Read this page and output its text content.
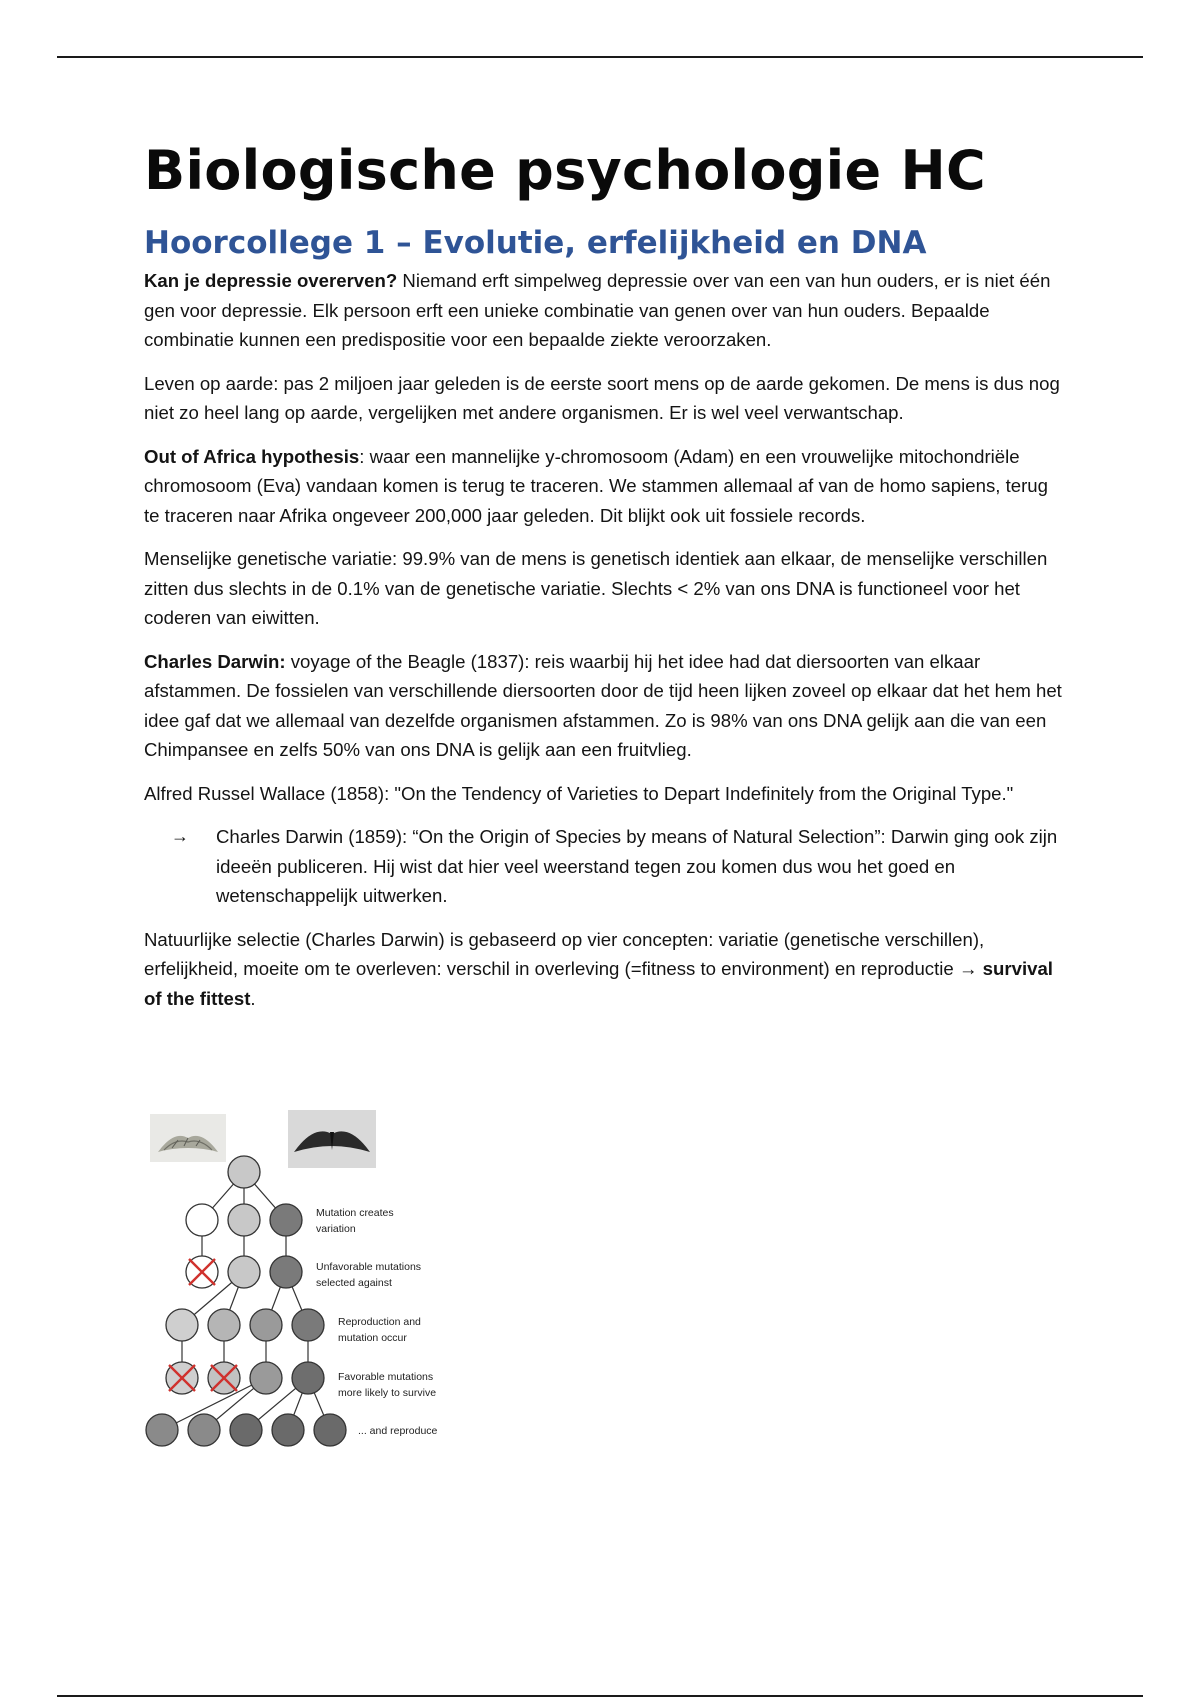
Biologische psychologie HC
Hoorcollege 1 – Evolutie, erfelijkheid en DNA

Kan je depressie overerven? Niemand erft simpelweg depressie over van een van hun ouders, er is niet één gen voor depressie. Elk persoon erft een unieke combinatie van genen over van hun ouders. Bepaalde combinatie kunnen een predispositie voor een bepaalde ziekte veroorzaken.

Leven op aarde: pas 2 miljoen jaar geleden is de eerste soort mens op de aarde gekomen. De mens is dus nog niet zo heel lang op aarde, vergelijken met andere organismen. Er is wel veel verwantschap.

Out of Africa hypothesis: waar een mannelijke y-chromosoom (Adam) en een vrouwelijke mitochondriële chromosoom (Eva) vandaan komen is terug te traceren. We stammen allemaal af van de homo sapiens, terug te traceren naar Afrika ongeveer 200,000 jaar geleden. Dit blijkt ook uit fossiele records.

Menselijke genetische variatie: 99.9% van de mens is genetisch identiek aan elkaar, de menselijke verschillen zitten dus slechts in de 0.1% van de genetische variatie. Slechts < 2% van ons DNA is functioneel voor het coderen van eiwitten.

Charles Darwin: voyage of the Beagle (1837): reis waarbij hij het idee had dat diersoorten van elkaar afstammen. De fossielen van verschillende diersoorten door de tijd heen lijken zoveel op elkaar dat het hem het idee gaf dat we allemaal van dezelfde organismen afstammen. Zo is 98% van ons DNA gelijk aan die van een Chimpansee en zelfs 50% van ons DNA is gelijk aan een fruitvlieg.

Alfred Russel Wallace (1858): "On the Tendency of Varieties to Depart Indefinitely from the Original Type."

→	Charles Darwin (1859): “On the Origin of Species by means of Natural Selection”: Darwin ging ook zijn ideeën publiceren. Hij wist dat hier veel weerstand tegen zou komen dus wou het goed en wetenschappelijk uitwerken.

Natuurlijke selectie (Charles Darwin) is gebaseerd op vier concepten: variatie (genetische verschillen), erfelijkheid, moeite om te overleven: verschil in overleving (=fitness to environment) en reproductie → survival of the fittest.

Mutation creates
variation
Unfavorable mutations
selected against
Reproduction and
mutation occur
Favorable mutations
more likely to survive
... and reproduce
